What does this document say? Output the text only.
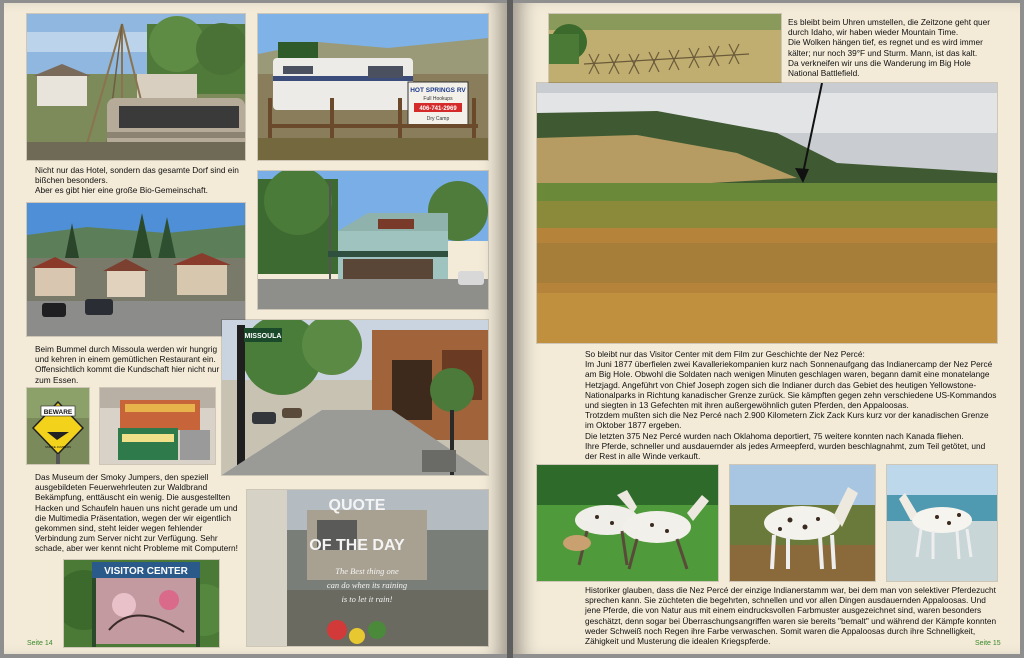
HOT SPRINGS RV
Full Hookups
406-741-2969
Dry Camp

Nicht nur das Hotel, sondern das gesamte Dorf sind ein bißchen besonders.

Aber es gibt hier eine große Bio-Gemeinschaft.

MISSOULA

Beim Bummel durch Missoula werden wir hungrig und kehren in einem gemütlichen Restaurant ein.

Offensichtlich kommt die Kundschaft hier nicht nur zum Essen.

BEWARE
SMOKE JUMPERS

Das Museum der Smoky Jumpers, den speziell ausgebildeten Feuerwehrleuten zur Waldbrand Bekämpfung, enttäuscht ein wenig. Die ausgestellten Hacken und Schaufeln hauen uns nicht gerade um und die Multimedia Präsentation, wegen der wir eigentlich gekommen sind, steht leider wegen fehlender Verbindung zum Server nicht zur Verfügung. Sehr schade, aber wer kennt nicht Probleme mit Computern!

QUOTE
OF THE DAY
The Best thing one
can do when its raining
is to let it rain!
VISITOR CENTER
Seite 14

Es bleibt beim Uhren umstellen, die Zeitzone geht quer durch Idaho, wir haben wieder Mountain Time.

Die Wolken hängen tief, es regnet und es wird immer kälter; nur noch 39°F und Sturm. Mann, ist das kalt.

Da verkneifen wir uns die Wanderung im Big Hole National Battlefield.

So bleibt nur das Visitor Center mit dem Film zur Geschichte der Nez Percé:

Im Juni 1877 überfielen zwei Kavalleriekompanien kurz nach Sonnenaufgang das Indianercamp der Nez Percé am Big Hole. Obwohl die Soldaten nach wenigen Minuten geschlagen waren, begann damit eine monatelange Hetzjagd. Angeführt von Chief Joseph zogen sich die Indianer durch das Gebiet des heutigen Yellowstone-Nationalparks in Richtung kanadischer Grenze zurück. Sie kämpften gegen zehn verschiedene US-Kommandos und siegten in 13 Gefechten mit ihren außergewöhnlich guten Pferden, den Appaloosas.

Trotzdem mußten sich die Nez Percé nach 2.900 Kilometern Zick Zack Kurs kurz vor der kanadischen Grenze im Oktober 1877 ergeben.

Die letzten 375 Nez Percé wurden nach Oklahoma deportiert, 75 weitere konnten nach Kanada fliehen.

Ihre Pferde, schneller und ausdauernder als jedes Armeepferd, wurden beschlagnahmt, zum Teil getötet, und der Rest in alle Winde verkauft.

Historiker glauben, dass die Nez Percé der einzige Indianerstamm war, bei dem man von selektiver Pferdezucht sprechen kann. Sie züchteten die begehrten, schnellen und vor allen Dingen ausdauernden Appaloosas. Und jene Pferde, die von Natur aus mit einem eindrucksvollen Farbmuster ausgezeichnet sind, waren besonders geschätzt, denn sogar bei Überraschungsangriffen waren sie bereits "bemalt" und während der Kämpfe konnten weder Schweiß noch Regen ihre Farbe verwaschen. Somit waren die Appaloosas durch ihre Schnelligkeit, Zähigkeit und Musterung die idealen Kriegspferde.	Seite 15
